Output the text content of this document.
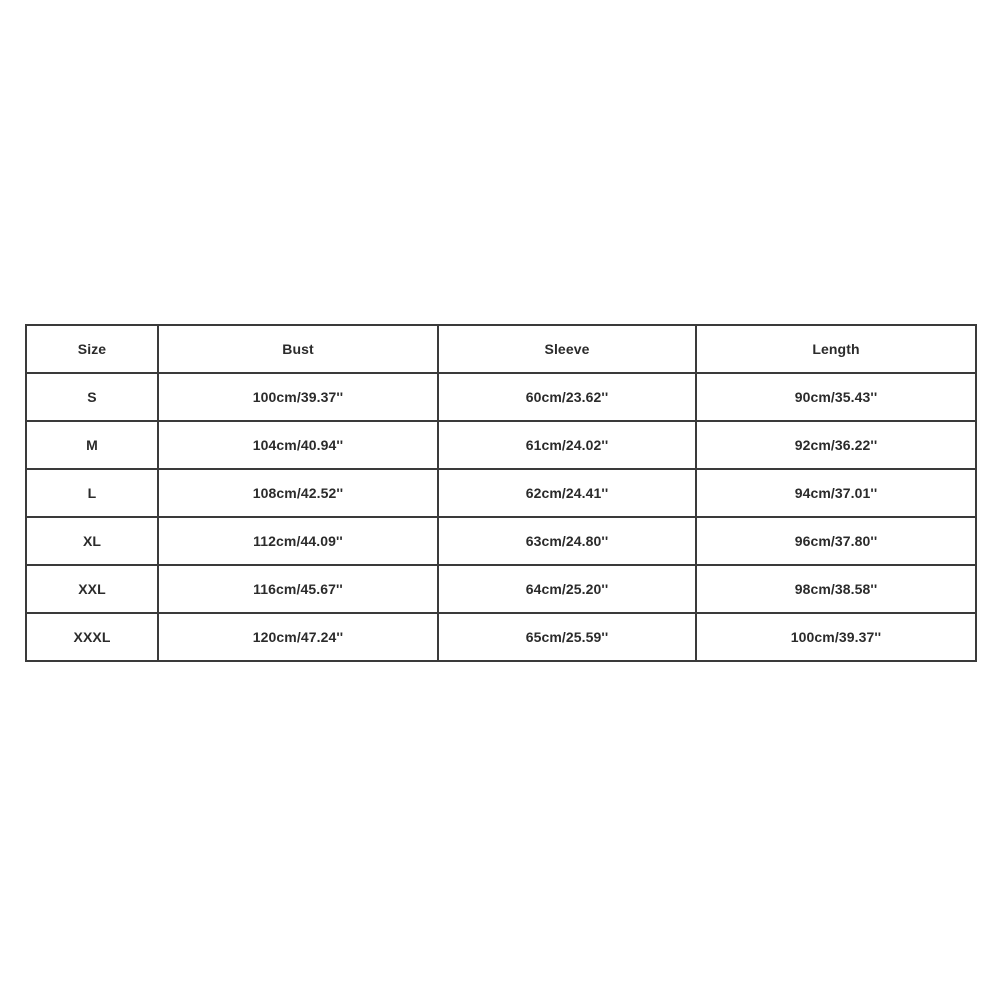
Size	Bust	Sleeve	Length
S	100cm/39.37''	60cm/23.62''	90cm/35.43''
M	104cm/40.94''	61cm/24.02''	92cm/36.22''
L	108cm/42.52''	62cm/24.41''	94cm/37.01''
XL	112cm/44.09''	63cm/24.80''	96cm/37.80''
XXL	116cm/45.67''	64cm/25.20''	98cm/38.58''
XXXL	120cm/47.24''	65cm/25.59''	100cm/39.37''
